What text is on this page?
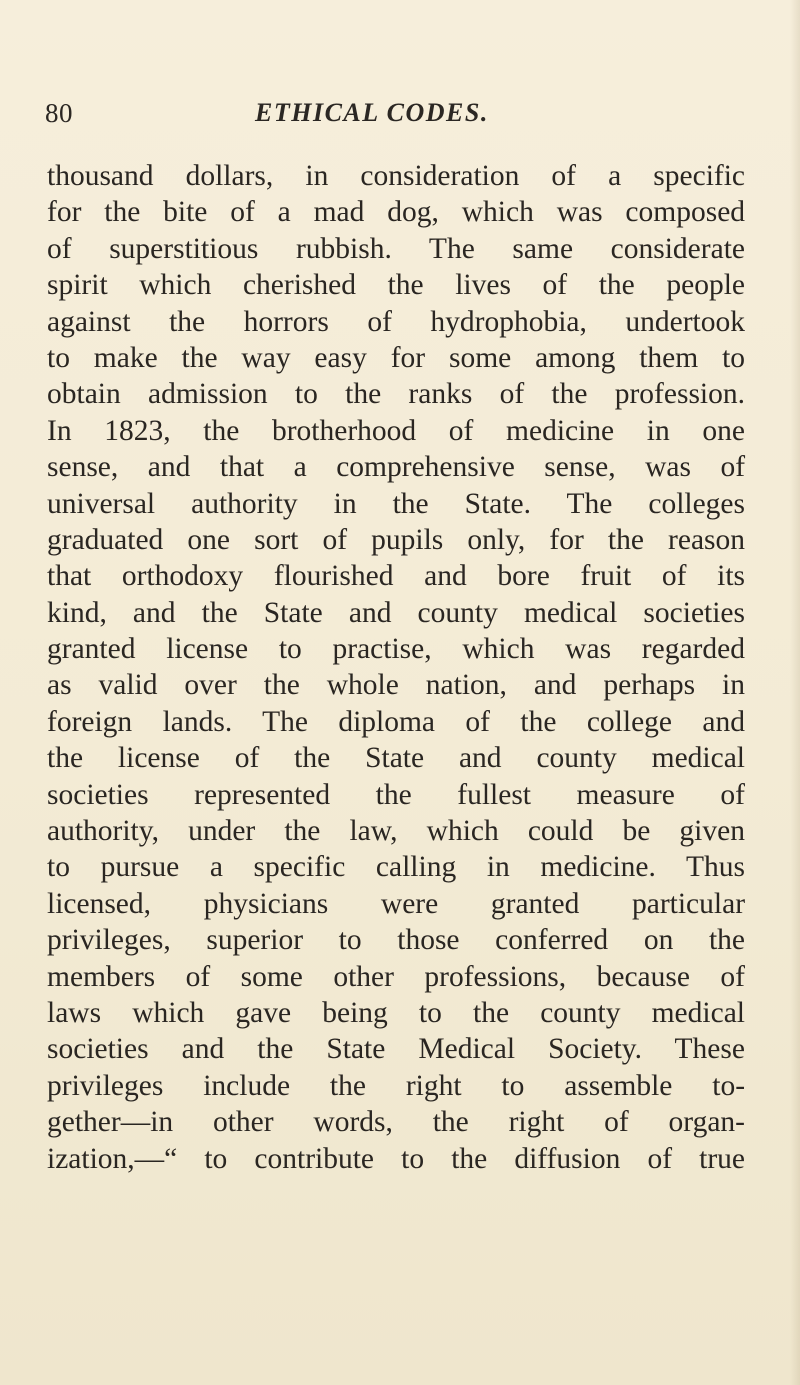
80	ETHICAL CODES.
thousand dollars, in consideration of a specific
for the bite of a mad dog, which was composed
of superstitious rubbish. The same considerate
spirit which cherished the lives of the people
against the horrors of hydrophobia, undertook
to make the way easy for some among them to
obtain admission to the ranks of the profession.
In 1823, the brotherhood of medicine in one
sense, and that a comprehensive sense, was of
universal authority in the State. The colleges
graduated one sort of pupils only, for the reason
that orthodoxy flourished and bore fruit of its
kind, and the State and county medical societies
granted license to practise, which was regarded
as valid over the whole nation, and perhaps in
foreign lands. The diploma of the college and
the license of the State and county medical
societies represented the fullest measure of
authority, under the law, which could be given
to pursue a specific calling in medicine. Thus
licensed, physicians were granted particular
privileges, superior to those conferred on the
members of some other professions, because of
laws which gave being to the county medical
societies and the State Medical Society. These
privileges include the right to assemble to-
gether—in other words, the right of organ-
ization,—“ to contribute to the diffusion of true
